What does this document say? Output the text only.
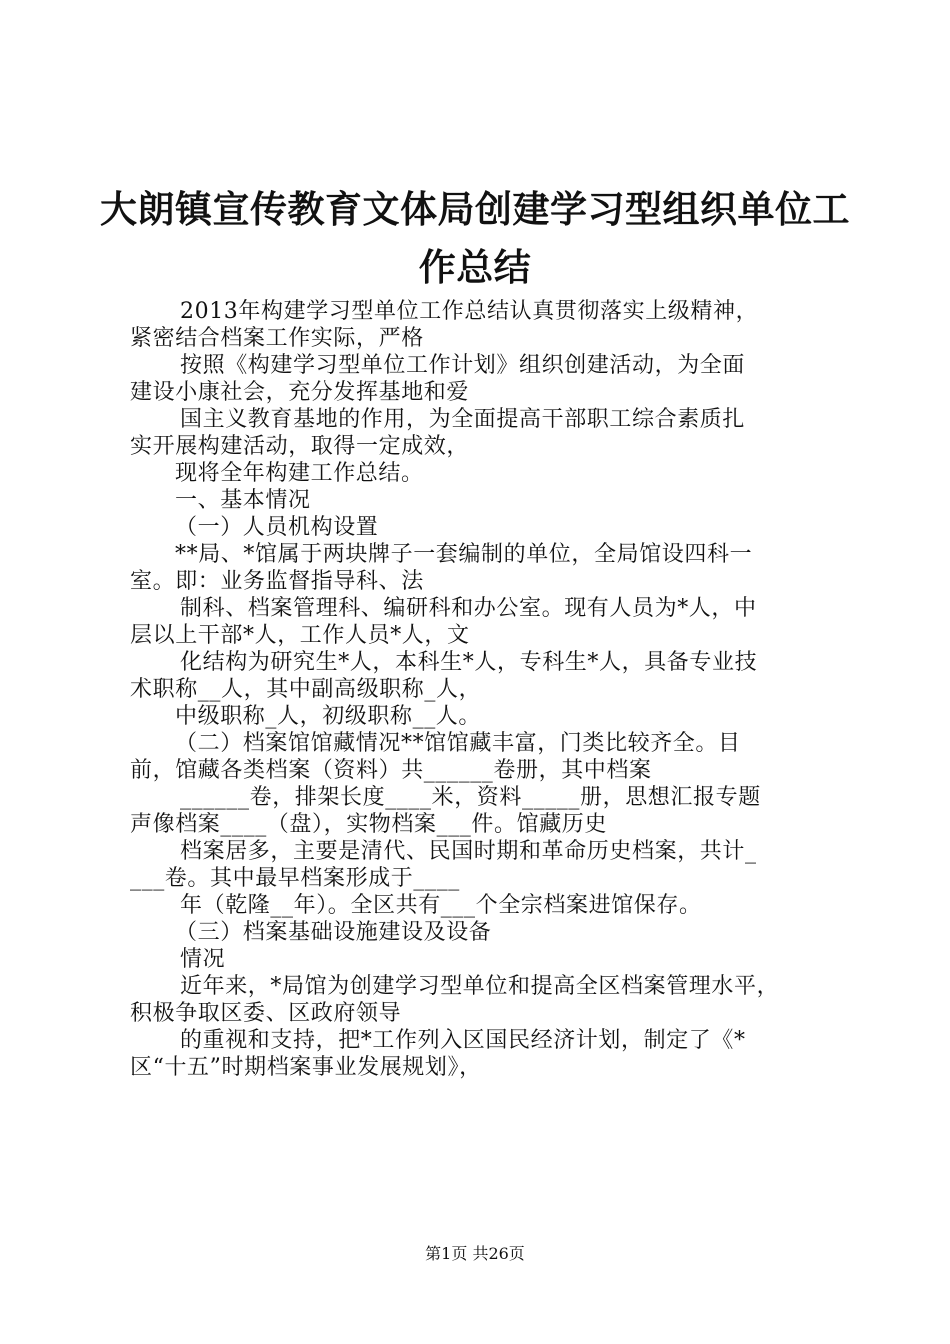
大朗镇宣传教育文体局创建学习型组织单位工
作总结
2013年构建学习型单位工作总结认真贯彻落实上级精神，
紧密结合档案工作实际，严格
按照《构建学习型单位工作计划》组织创建活动，为全面
建设小康社会，充分发挥基地和爱
国主义教育基地的作用，为全面提高干部职工综合素质扎
实开展构建活动，取得一定成效，
现将全年构建工作总结。
一、基本情况
（一）人员机构设置
**局、*馆属于两块牌子一套编制的单位，全局馆设四科一
室。即：业务监督指导科、法
制科、档案管理科、编研科和办公室。现有人员为*人，中
层以上干部*人，工作人员*人，文
化结构为研究生*人，本科生*人，专科生*人，具备专业技
术职称__人，其中副高级职称_人，
中级职称_人，初级职称__人。
（二）档案馆馆藏情况**馆馆藏丰富，门类比较齐全。目
前，馆藏各类档案（资料）共______卷册，其中档案
______卷，排架长度____米，资料_____册，思想汇报专题
声像档案____（盘），实物档案___件。馆藏历史
档案居多，主要是清代、民国时期和革命历史档案，共计_
___卷。其中最早档案形成于____
年（乾隆__年）。全区共有___个全宗档案进馆保存。
（三）档案基础设施建设及设备
情况
近年来，*局馆为创建学习型单位和提高全区档案管理水平，
积极争取区委、区政府领导
的重视和支持，把*工作列入区国民经济计划，制定了《*
区“十五”时期档案事业发展规划》，
第1页 共26页
